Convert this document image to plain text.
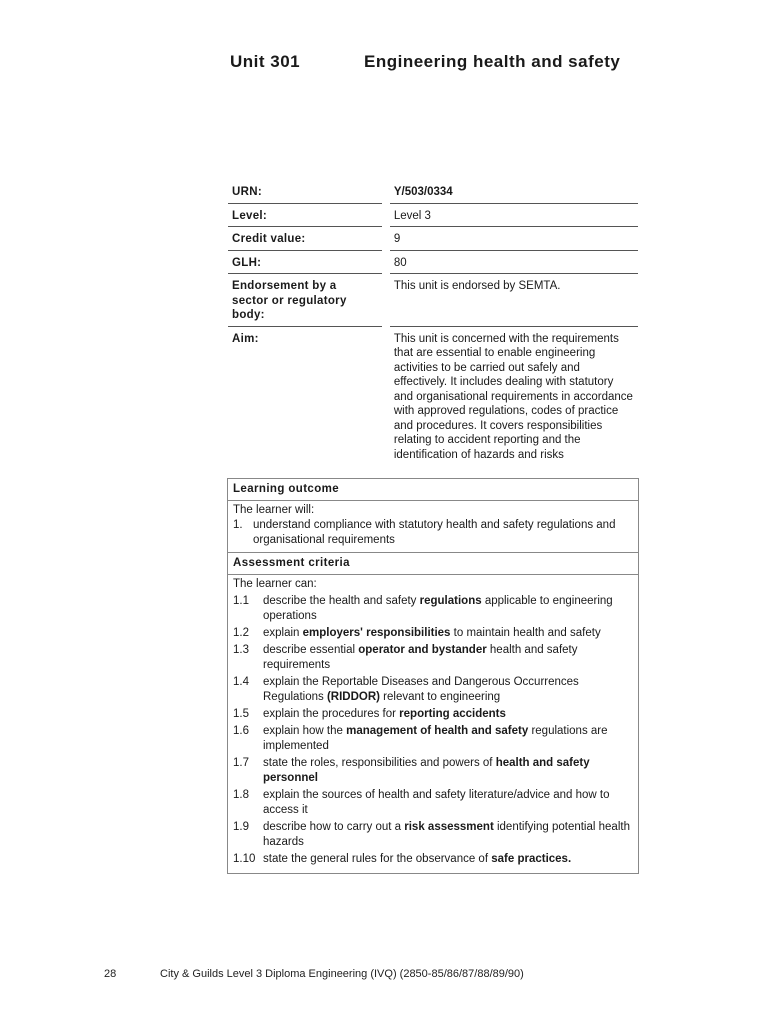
Unit 301	Engineering health and safety
URN:		Y/503/0334
Level:		Level 3
Credit value:		9
GLH:		80
Endorsement by a sector or regulatory body:		This unit is endorsed by SEMTA.
Aim:		This unit is concerned with the requirements that are essential to enable engineering activities to be carried out safely and effectively. It includes dealing with statutory and organisational requirements in accordance with approved regulations, codes of practice and procedures. It covers responsibilities relating to accident reporting and the identification of hazards and risks
Learning outcome
The learner will:
1. understand compliance with statutory health and safety regulations and organisational requirements
Assessment criteria
The learner can:
1.1	describe the health and safety regulations applicable to engineering operations
1.2	explain employers' responsibilities to maintain health and safety
1.3	describe essential operator and bystander health and safety requirements
1.4	explain the Reportable Diseases and Dangerous Occurrences Regulations (RIDDOR) relevant to engineering
1.5	explain the procedures for reporting accidents
1.6	explain how the management of health and safety regulations are implemented
1.7	state the roles, responsibilities and powers of health and safety personnel
1.8	explain the sources of health and safety literature/advice and how to access it
1.9	describe how to carry out a risk assessment identifying potential health hazards
1.10 state the general rules for the observance of safe practices.
28	City & Guilds Level 3 Diploma Engineering (IVQ) (2850-85/86/87/88/89/90)
